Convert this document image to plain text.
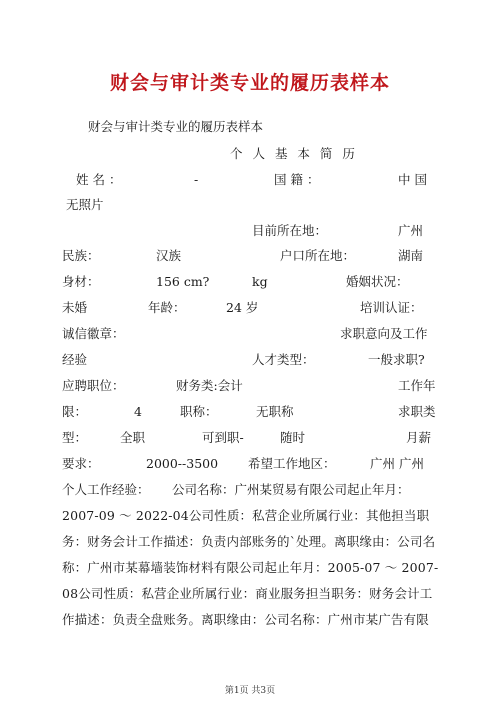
财会与审计类专业的履历表样本
财会与审计类专业的履历表样本
个 人 基 本 简 历
姓 名 ：	-	国 籍 ：	中 国
无照片
目前所在地：	广州
民族：	汉族	户口所在地：	湖南
身材：	156 cm?	kg	婚姻状况：
未婚	年龄：	24 岁	培训认证：
诚信徽章：	求职意向及工作
经验	人才类型：	一般求职?
应聘职位：	财务类:会计	工作年
限：	4	职称：	无职称	求职类
型：	全职	可到职-	随时	月薪
要求：	2000--3500 希望工作地区：	广州 广州
个人工作经验： 公司名称：广州某贸易有限公司起止年月：
2007-09 ～ 2022-04公司性质：私营企业所属行业：其他担当职
务：财务会计工作描述：负责内部账务的`处理。离职缘由：公司名
称：广州市某幕墙装饰材料有限公司起止年月：2005-07 ～ 2007-
08公司性质：私营企业所属行业：商业服务担当职务：财务会计工
作描述：负责全盘账务。离职缘由：公司名称：广州市某广告有限
第1页 共3页
